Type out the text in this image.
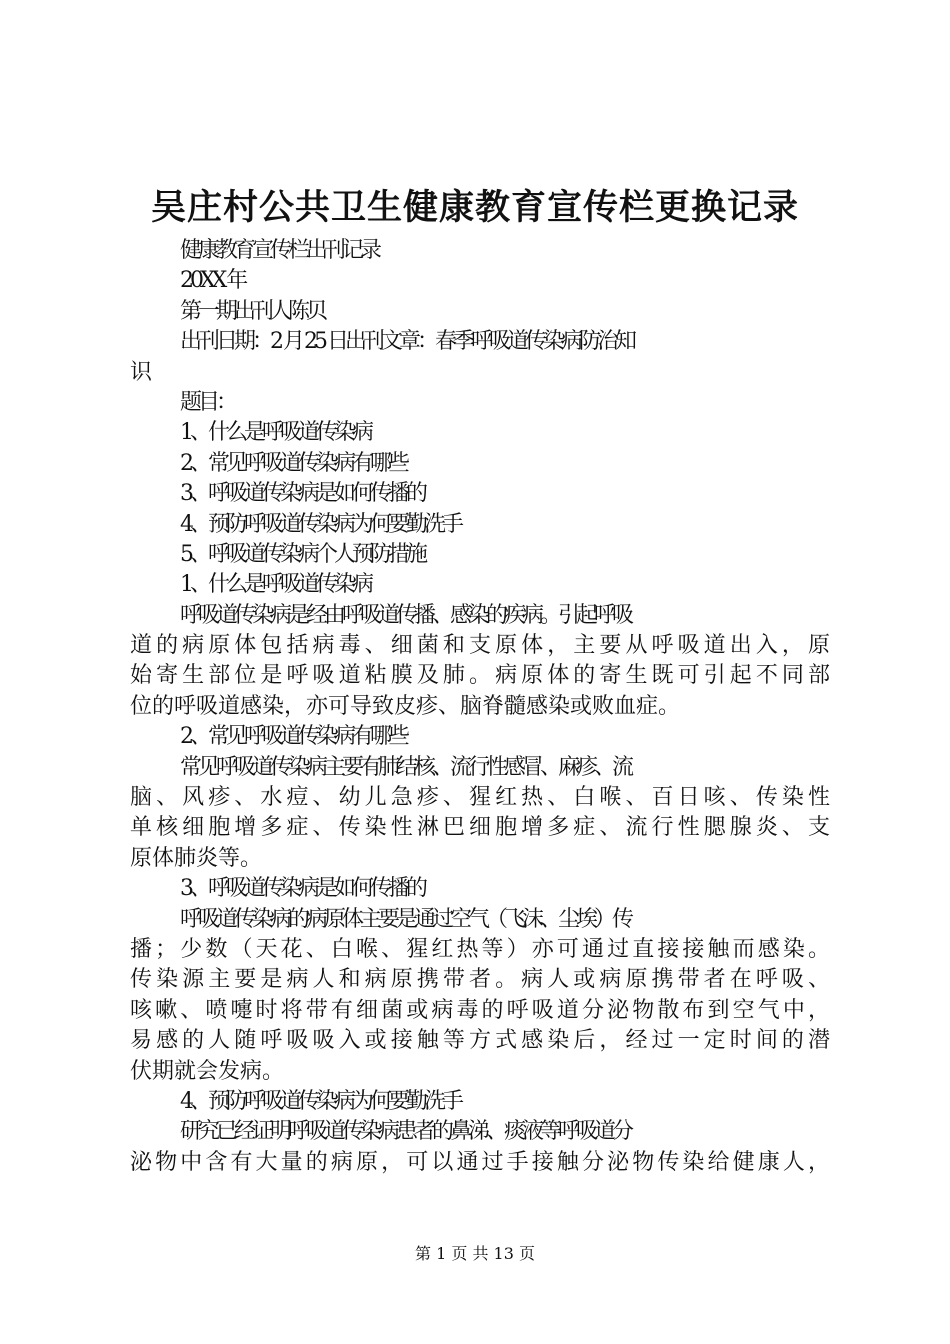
吴庄村公共卫生健康教育宣传栏更换记录
健康教育宣传栏出刊记录
20XX 年
第一期出刊人陈贝
出刊日期：2 月 25 日出刊文章：春季呼吸道传染病防治知
识
题目：
1、什么是呼吸道传染病
2、常见呼吸道传染病有哪些
3、呼吸道传染病是如何传播的
4、预防呼吸道传染病为何要勤洗手
5、呼吸道传染病个人预防措施
1、什么是呼吸道传染病
呼吸道传染病是经由呼吸道传播、感染的疾病。引起呼吸
道的病原体包括病毒、细菌和支原体，主要从呼吸道出入，原
始寄生部位是呼吸道粘膜及肺。病原体的寄生既可引起不同部
位的呼吸道感染，亦可导致皮疹、脑脊髓感染或败血症。
2、常见呼吸道传染病有哪些
常见呼吸道传染病主要有肺结核、流行性感冒、麻疹、流
脑、风疹、水痘、幼儿急疹、猩红热、白喉、百日咳、传染性
单核细胞增多症、传染性淋巴细胞增多症、流行性腮腺炎、支
原体肺炎等。
3、呼吸道传染病是如何传播的
呼吸道传染病的病原体主要是通过空气（飞沫、尘埃）传
播；少数（天花、白喉、猩红热等）亦可通过直接接触而感染。
传染源主要是病人和病原携带者。病人或病原携带者在呼吸、
咳嗽、喷嚏时将带有细菌或病毒的呼吸道分泌物散布到空气中，
易感的人随呼吸吸入或接触等方式感染后，经过一定时间的潜
伏期就会发病。
4、预防呼吸道传染病为何要勤洗手
研究已经证明呼吸道传染病患者的鼻涕、痰液等呼吸道分
泌物中含有大量的病原，可以通过手接触分泌物传染给健康人，
第 1 页 共 13 页
